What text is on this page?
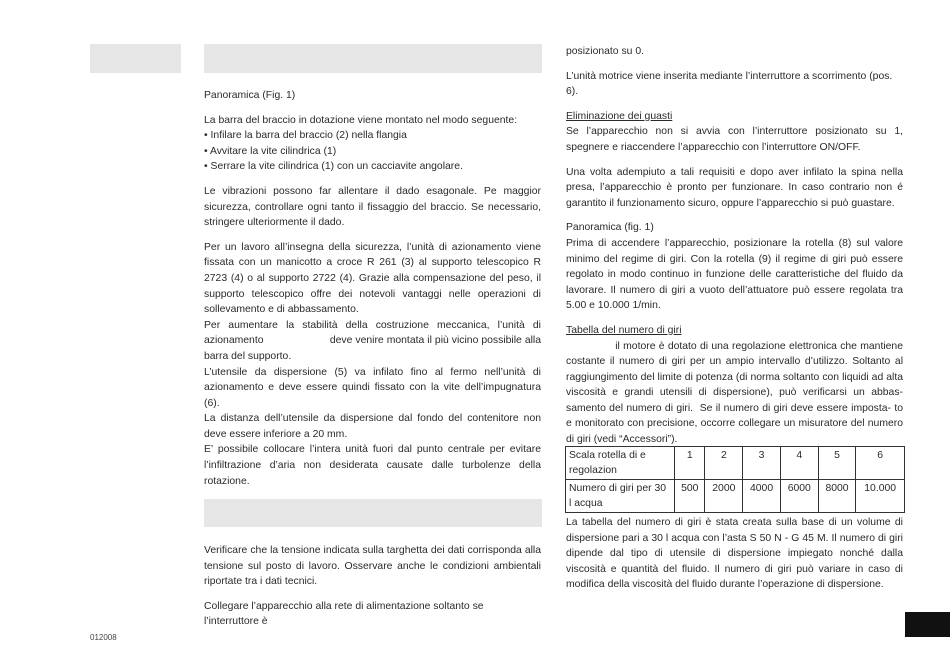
Panoramica (Fig. 1)

La barra del braccio in dotazione viene montato nel modo seguente:

• Infilare la barra del braccio (2) nella flangia
• Avvitare la vite cilindrica (1)
• Serrare la vite cilindrica (1) con un cacciavite angolare.

Le vibrazioni possono far allentare il dado esagonale. Pe maggior sicurezza, controllare ogni tanto il fissaggio del braccio. Se necessario, stringere ulteriormente il dado.

Per un lavoro all’insegna della sicurezza, l’unità di azionamento viene fissata con un manicotto a croce R 261 (3) al supporto telescopico R 2723 (4) o al supporto 2722 (4). Grazie alla compensazione del peso, il supporto telescopico offre dei notevoli vantaggi nelle operazioni di sollevamento e di abbassamento.

Per aumentare la stabilità della costruzione meccanica, l’unità di azionamento                      deve venire montata il più vicino possibile alla barra del supporto.

L’utensile da dispersione (5) va infilato fino al fermo nell’unità di azionamento e deve essere quindi fissato con la vite dell’impugnatura (6).

La distanza dell’utensile da dispersione dal fondo del contenitore non deve essere inferiore a 20 mm.

E’ possibile collocare l’intera unità fuori dal punto centrale per evitare l’infiltrazione d’aria non desiderata causate dalle turbolenze della rotazione.

Verificare che la tensione indicata sulla targhetta dei dati corrisponda alla tensione sul posto di lavoro. Osservare anche le condizioni ambientali riportate tra i dati tecnici.

Collegare l’apparecchio alla rete di alimentazione soltanto se l’interruttore è

posizionato su 0.

L’unità motrice viene inserita mediante l’interruttore a scorrimento (pos. 6).

Eliminazione dei guasti

Se l’apparecchio non si avvia con l’interruttore posizionato su 1, spegnere e riaccendere l’apparecchio con l’interruttore ON/OFF.

Una volta adempiuto a tali requisiti e dopo aver infilato la spina nella presa, l’apparecchio è pronto per funzionare. In caso contrario non é garantito il funzionamento sicuro, oppure l’apparecchio si può guastare.

Panoramica (fig. 1)

Prima di accendere l’apparecchio, posizionare la rotella (8) sul valore minimo del regime di giri. Con la rotella (9) il regime di giri può essere regolato in modo continuo in funzione delle caratteristiche del fluido da lavorare. Il numero di giri a vuoto dell’attuatore può essere regolata tra 5.00 e 10.000 1/min.

Tabella del numero di giri

il motore è dotato di una regolazione elettronica che mantiene costante il numero di giri per un ampio intervallo d’utilizzo. Soltanto al raggiungimento del limite di potenza (di norma soltanto con liquidi ad alta viscosità e grandi utensili di dispersione), può verificarsi un abbas- samento del numero di giri.  Se il numero di giri deve essere imposta- to e monitorato con precisione, occorre collegare un misuratore del numero di giri (vedi “Accessori”).

Scala rotella di e regolazion	1	2	3	4	5	6
Numero di giri per 30 l acqua	500	2000	4000	6000	8000	10.000

La tabella del numero di giri è stata creata sulla base di un volume di dispersione pari a 30 l acqua con l’asta S 50 N - G 45 M. Il numero di giri dipende dal tipo di utensile di dispersione impiegato nonché dalla viscosità e quantità del fluido. Il numero di giri può variare in caso di modifica della viscosità del fluido durante l’operazione di dispersione.

012008
